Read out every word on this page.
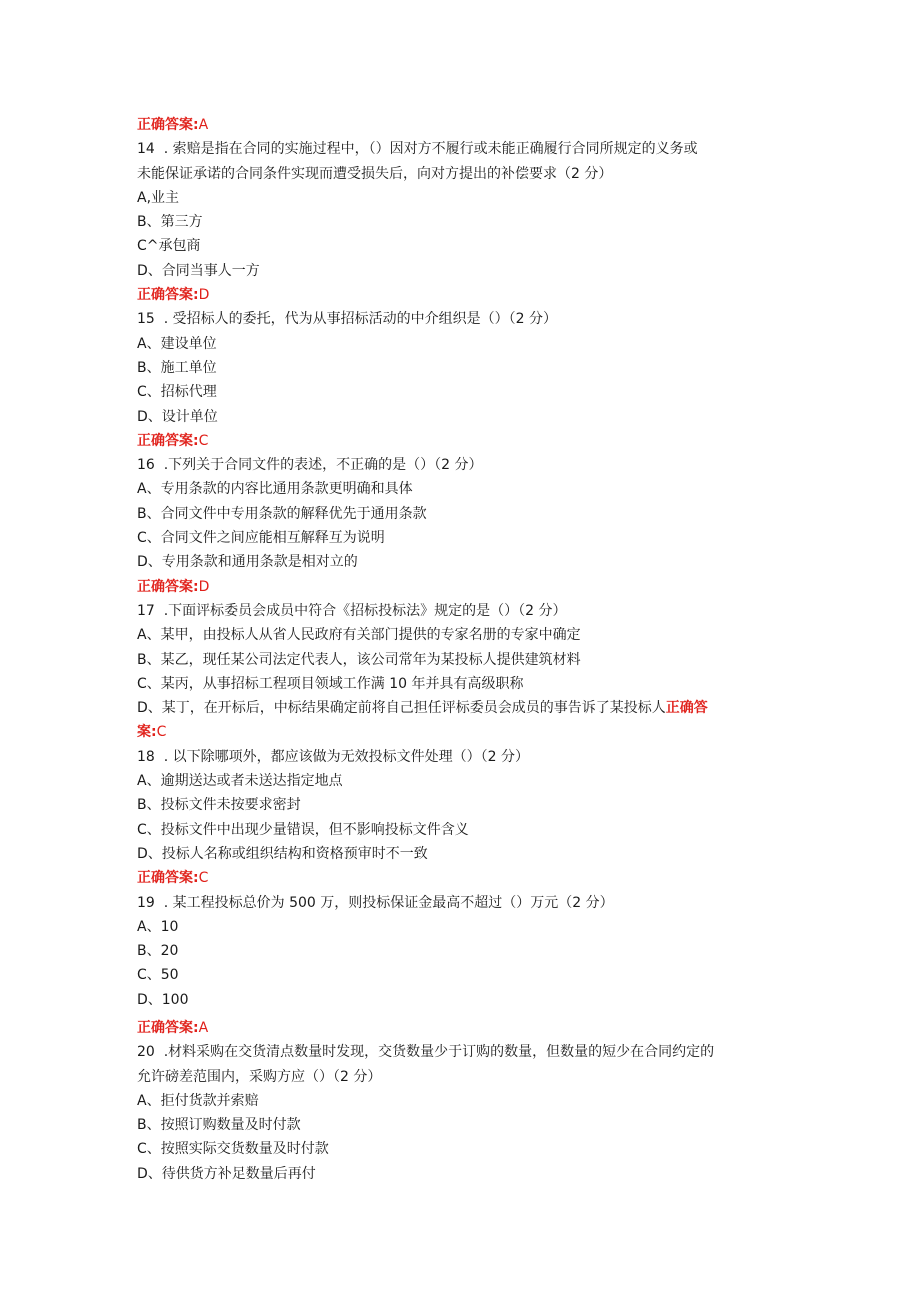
正确答案:A
14 . 索赔是指在合同的实施过程中，（）因对方不履行或未能正确履行合同所规定的义务或
未能保证承诺的合同条件实现而遭受损失后，向对方提出的补偿要求（2 分）
A,业主
B、第三方
C^承包商
D、合同当事人一方
正确答案:D
15 . 受招标人的委托，代为从事招标活动的中介组织是（）（2 分）
A、建设单位
B、施工单位
C、招标代理
D、设计单位
正确答案:C
16 .下列关于合同文件的表述，不正确的是（）（2 分）
A、专用条款的内容比通用条款更明确和具体
B、合同文件中专用条款的解释优先于通用条款
C、合同文件之间应能相互解释互为说明
D、专用条款和通用条款是相对立的
正确答案:D
17 .下面评标委员会成员中符合《招标投标法》规定的是（）（2 分）
A、某甲，由投标人从省人民政府有关部门提供的专家名册的专家中确定
B、某乙，现任某公司法定代表人，该公司常年为某投标人提供建筑材料
C、某丙，从事招标工程项目领域工作满 10 年并具有高级职称
D、某丁，在开标后，中标结果确定前将自己担任评标委员会成员的事告诉了某投标人正确答
案:C
18 . 以下除哪项外，都应该做为无效投标文件处理（）（2 分）
A、逾期送达或者未送达指定地点
B、投标文件未按要求密封
C、投标文件中出现少量错误，但不影响投标文件含义
D、投标人名称或组织结构和资格预审时不一致
正确答案:C
19 . 某工程投标总价为 500 万，则投标保证金最高不超过（）万元（2 分）
A、10
B、20
C、50
D、100
正确答案:A
20 .材料采购在交货清点数量时发现，交货数量少于订购的数量，但数量的短少在合同约定的
允许磅差范围内，采购方应（）（2 分）
A、拒付货款并索赔
B、按照订购数量及时付款
C、按照实际交货数量及时付款
D、待供货方补足数量后再付
